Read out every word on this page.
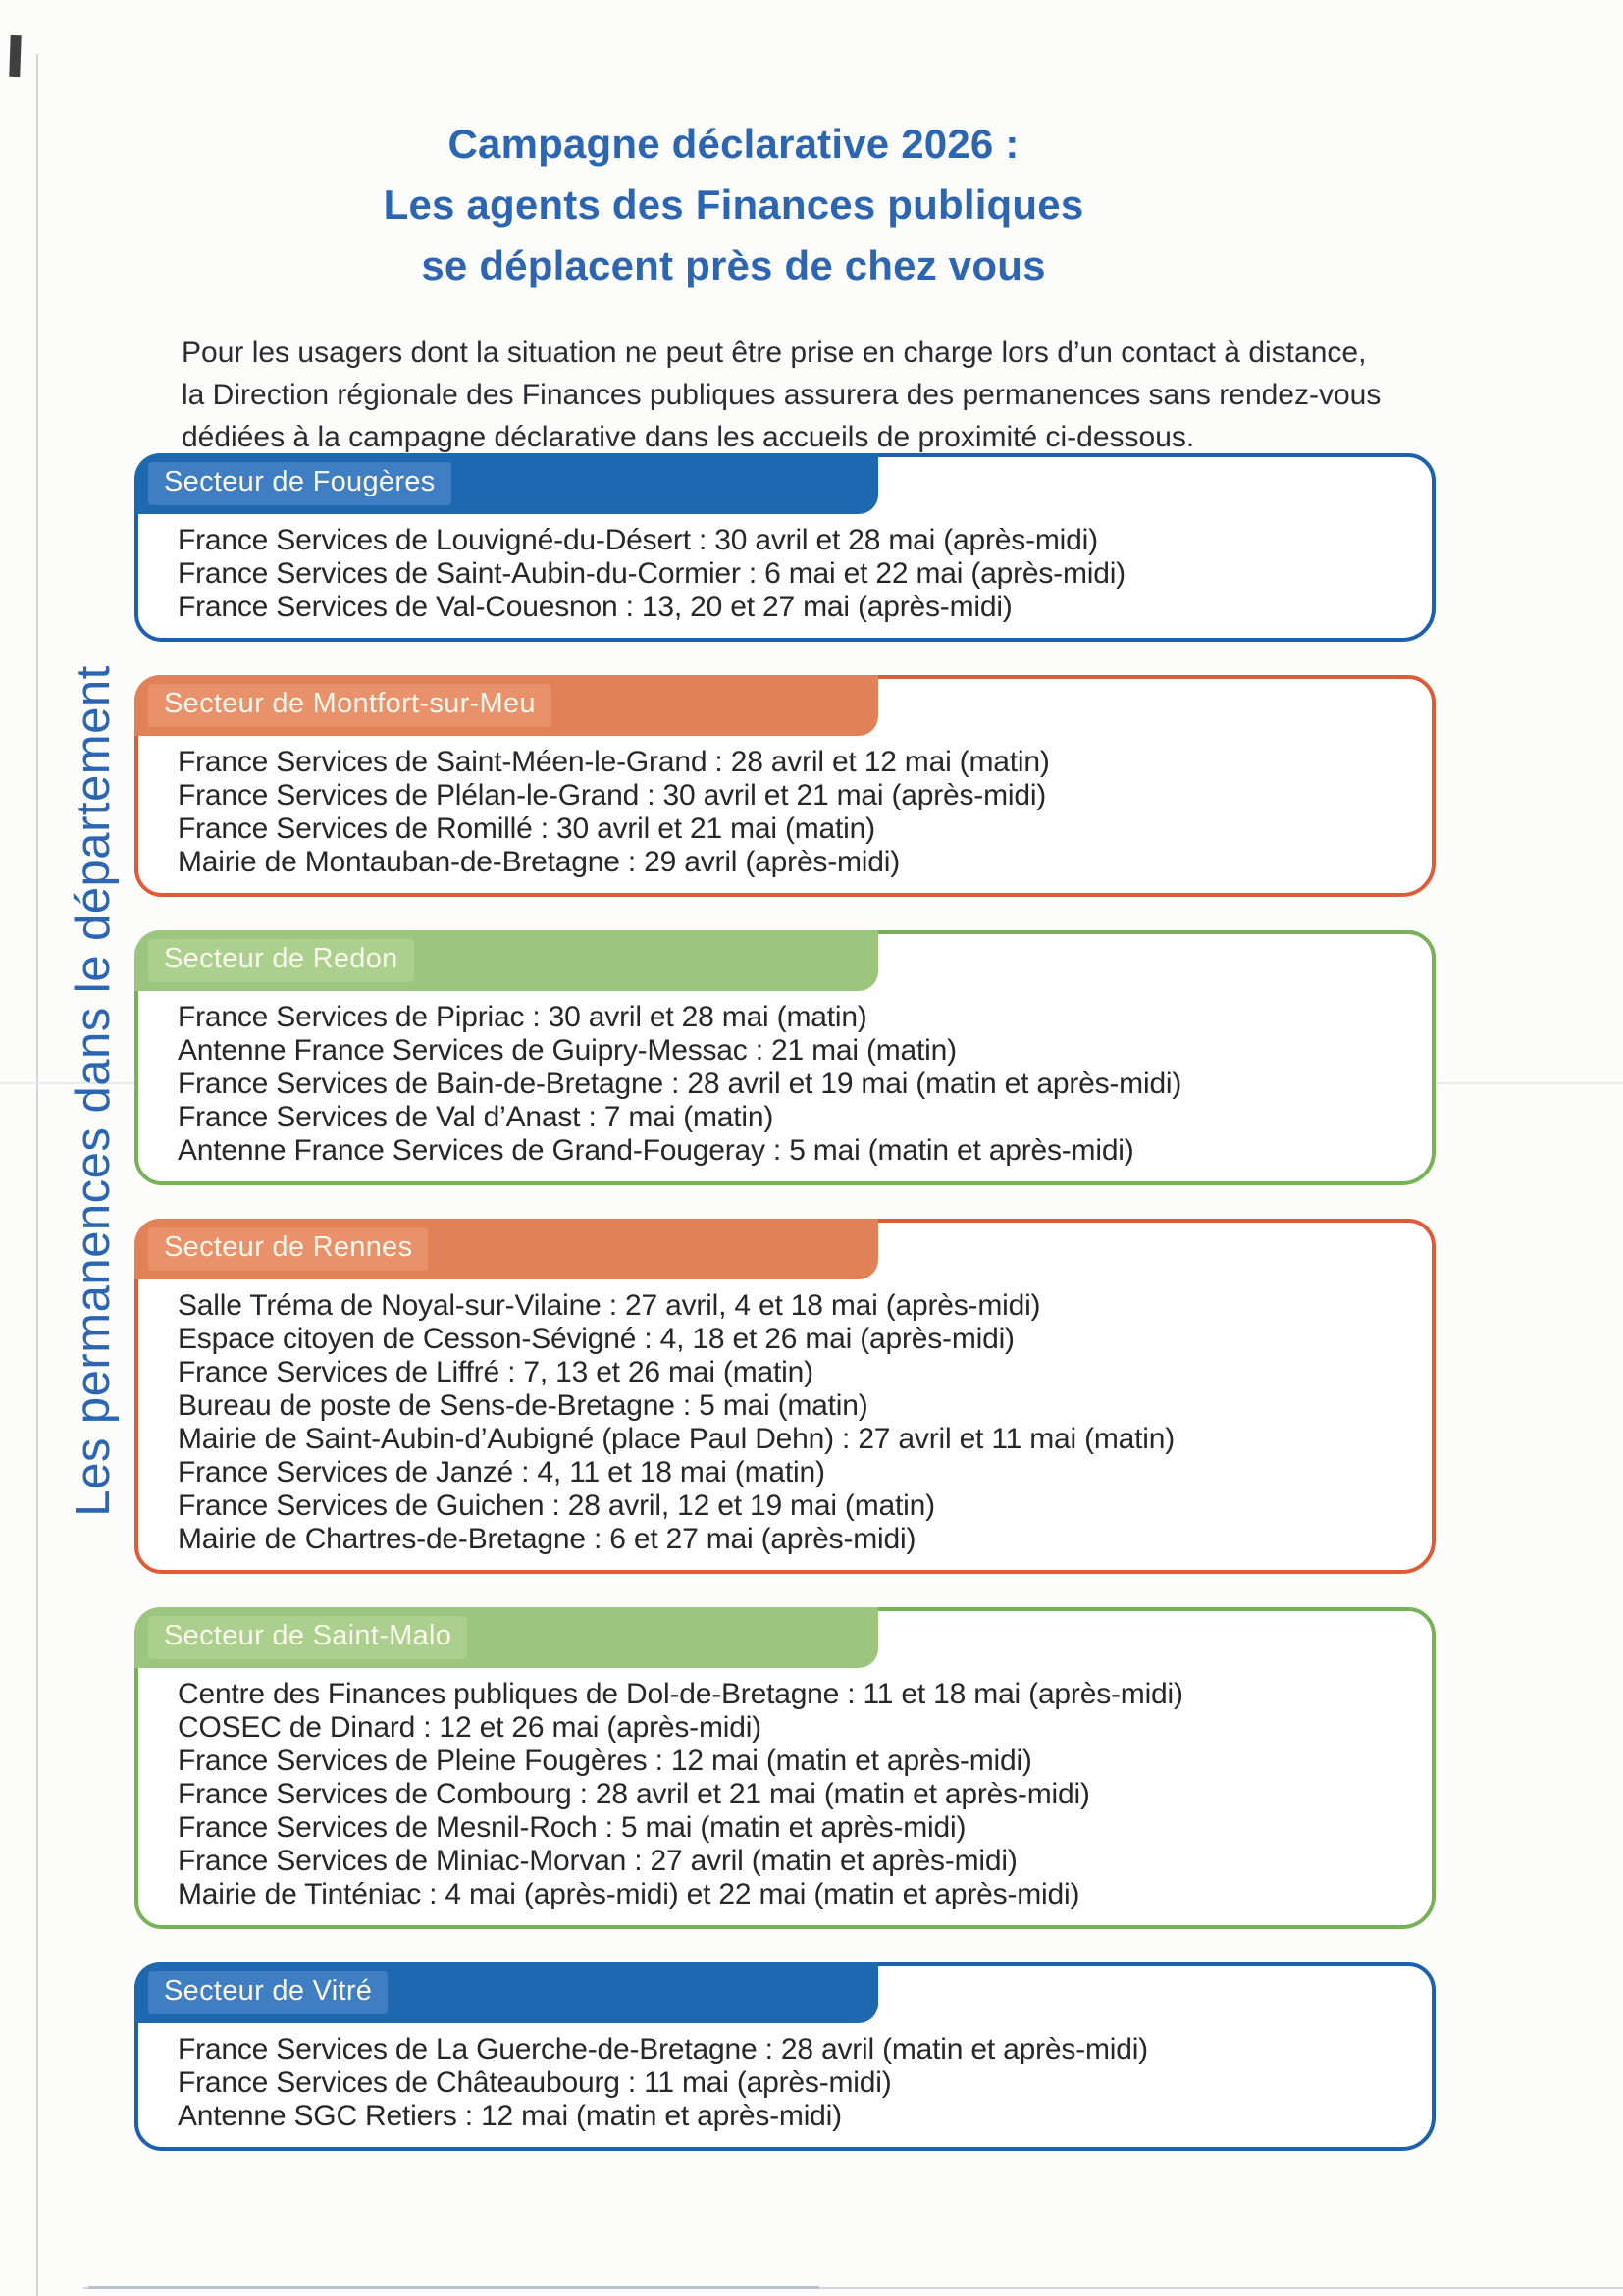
Campagne déclarative 2026 :
Les agents des Finances publiques
se déplacent près de chez vous
Pour les usagers dont la situation ne peut être prise en charge lors d’un contact à distance,
la Direction régionale des Finances publiques assurera des permanences sans rendez-vous
dédiées à la campagne déclarative dans les accueils de proximité ci-dessous.
Les permanences dans le département
Secteur de Fougères
France Services de Louvigné-du-Désert : 30 avril et 28 mai (après-midi)
France Services de Saint-Aubin-du-Cormier : 6 mai et 22 mai (après-midi)
France Services de Val-Couesnon : 13, 20 et 27 mai (après-midi)
Secteur de Montfort-sur-Meu
France Services de Saint-Méen-le-Grand : 28 avril et 12 mai (matin)
France Services de Plélan-le-Grand : 30 avril et 21 mai (après-midi)
France Services de Romillé : 30 avril et 21 mai (matin)
Mairie de Montauban-de-Bretagne : 29 avril (après-midi)
Secteur de Redon
France Services de Pipriac : 30 avril et 28 mai (matin)
Antenne France Services de Guipry-Messac : 21 mai (matin)
France Services de Bain-de-Bretagne : 28 avril et 19 mai (matin et après-midi)
France Services de Val d’Anast : 7 mai (matin)
Antenne France Services de Grand-Fougeray : 5 mai (matin et après-midi)
Secteur de Rennes
Salle Tréma de Noyal-sur-Vilaine : 27 avril, 4 et 18 mai (après-midi)
Espace citoyen de Cesson-Sévigné : 4, 18 et 26 mai (après-midi)
France Services de Liffré : 7, 13 et 26 mai (matin)
Bureau de poste de Sens-de-Bretagne : 5 mai (matin)
Mairie de Saint-Aubin-d’Aubigné (place Paul Dehn) : 27 avril et 11 mai (matin)
France Services de Janzé : 4, 11 et 18 mai (matin)
France Services de Guichen : 28 avril, 12 et 19 mai (matin)
Mairie de Chartres-de-Bretagne : 6 et 27 mai (après-midi)
Secteur de Saint-Malo
Centre des Finances publiques de Dol-de-Bretagne : 11 et 18 mai (après-midi)
COSEC de Dinard : 12 et 26 mai (après-midi)
France Services de Pleine Fougères : 12 mai (matin et après-midi)
France Services de Combourg : 28 avril et 21 mai (matin et après-midi)
France Services de Mesnil-Roch : 5 mai (matin et après-midi)
France Services de Miniac-Morvan : 27 avril (matin et après-midi)
Mairie de Tinténiac : 4 mai (après-midi) et 22 mai (matin et après-midi)
Secteur de Vitré
France Services de La Guerche-de-Bretagne : 28 avril (matin et après-midi)
France Services de Châteaubourg : 11 mai (après-midi)
Antenne SGC Retiers : 12 mai (matin et après-midi)
